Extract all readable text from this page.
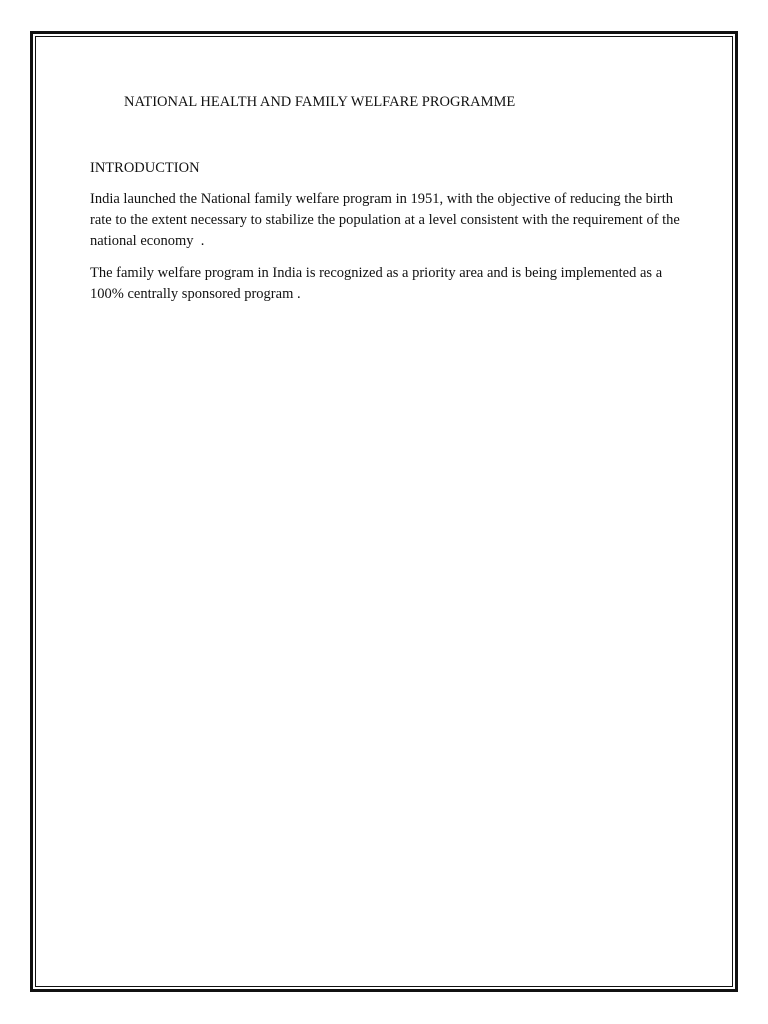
NATIONAL HEALTH AND FAMILY WELFARE PROGRAMME
INTRODUCTION

India launched the National family welfare program in 1951, with the objective of reducing the birth rate to the extent necessary to stabilize the population at a level consistent with the requirement of the national economy  .

The family welfare program in India is recognized as a priority area and is being implemented as a 100% centrally sponsored program .
